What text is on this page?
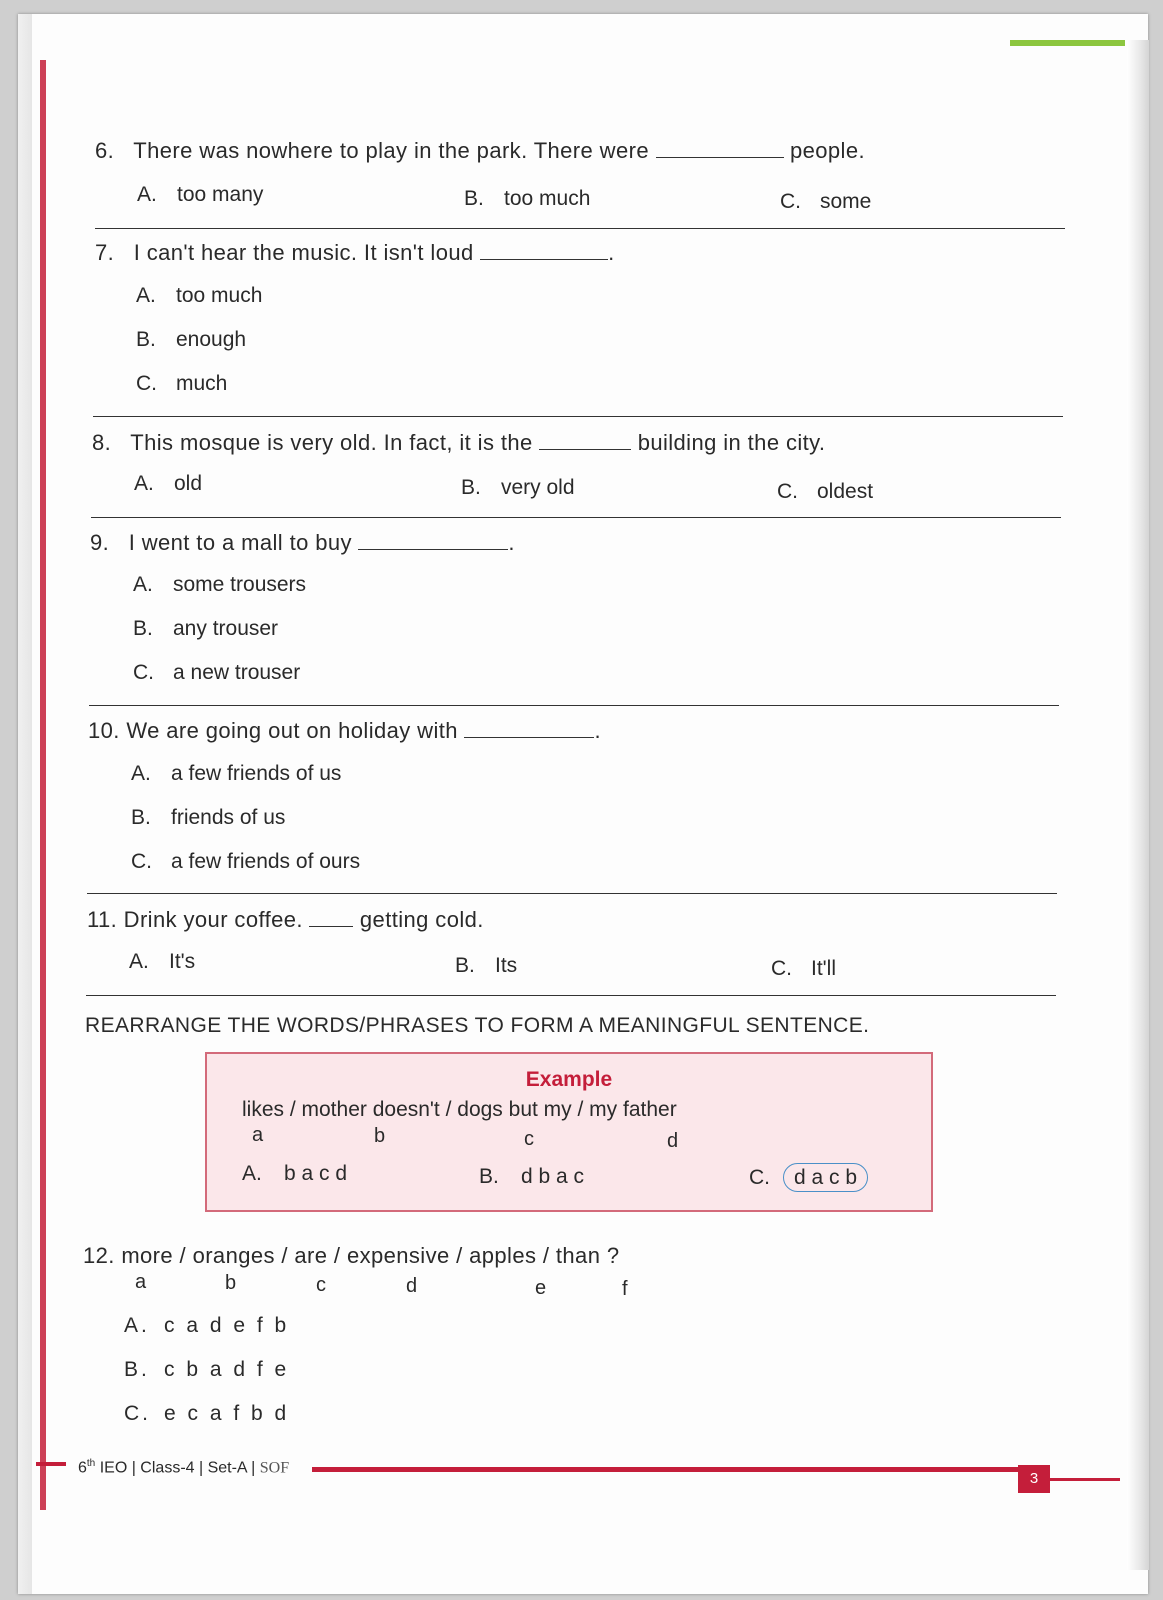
6. There was nowhere to play in the park. There were	people.
A. too many	B. too much	C. some
7. I can't hear the music. It isn't loud	.
A. too much
B. enough
C. much
8. This mosque is very old. In fact, it is the	building in the city.
A. old	B. very old	C. oldest
9. I went to a mall to buy	.
A. some trousers
B. any trouser
C. a new trouser
10. We are going out on holiday with	.
A. a few friends of us
B. friends of us
C. a few friends of ours
11. Drink your coffee.	getting cold.
A. It's	B. Its	C. It'll
REARRANGE THE WORDS/PHRASES TO FORM A MEANINGFUL SENTENCE.
Example
likes / mother doesn't / dogs but my / my father
a	b	c	d
A. b a c d	B. d b a c	C. d a c b
12. more / oranges / are / expensive / apples / than ?
a	b	c	d	e	f
A. c a d e f b
B. c b a d f e
C. e c a f b d
6th IEO | Class-4 | Set-A | SOF
3
